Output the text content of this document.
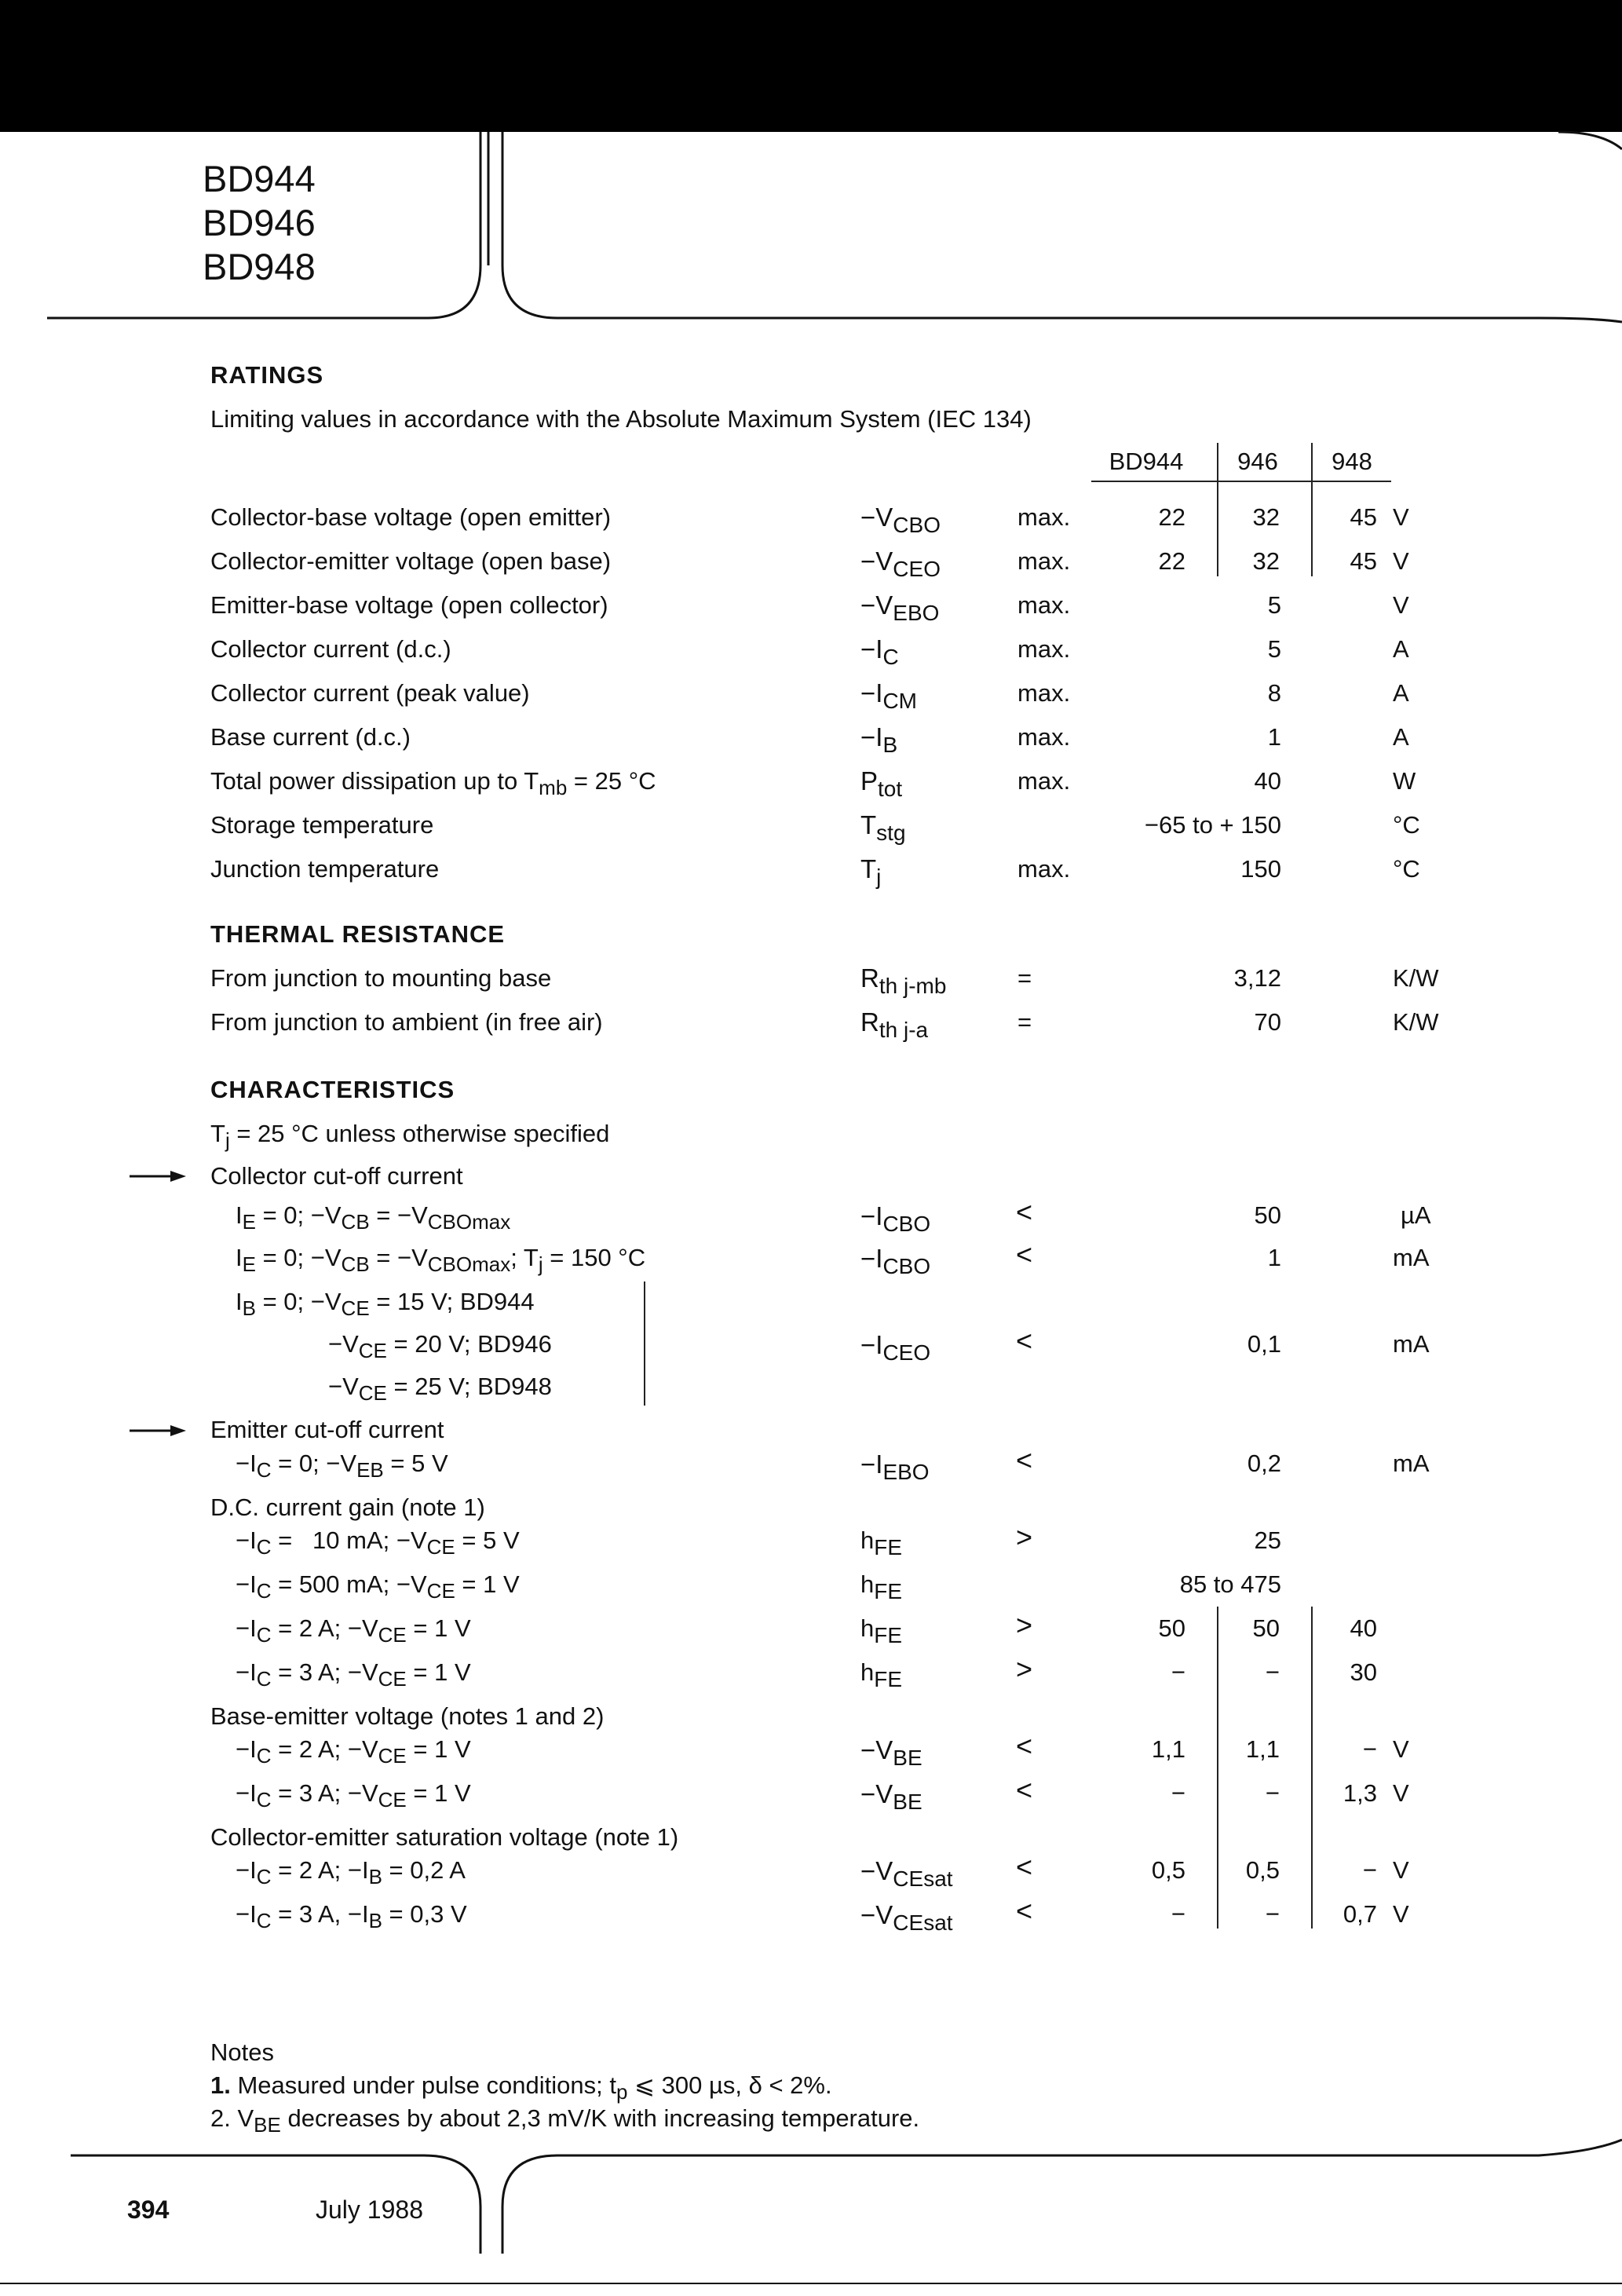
BD944
BD946
BD948
RATINGS
Limiting values in accordance with the Absolute Maximum System (IEC 134)
BD944	946	948
Collector-base voltage (open emitter)	$-V_{CBO}$	max.	22	32	45 V
Collector-emitter voltage (open base)	$-V_{CEO}$	max.	22	32	45 V
Emitter-base voltage (open collector)	$-V_{EBO}$	max.	5	V
Collector current (d.c.)	$-I_C$	max.	5	A
Collector current (peak value)	$-I_{CM}$	max.	8	A
Base current (d.c.)	$-I_B$	max.	1	A
Total power dissipation up to $T_{mb} = 25$ °C	$P_{tot}$	max.	40	W
Storage temperature	$T_{stg}$	−65 to + 150	°C
Junction temperature	$T_j$	max.	150	°C
THERMAL RESISTANCE
From junction to mounting base	$R_{th j-mb}$	=	3,12	K/W
From junction to ambient (in free air)	$R_{th j-a}$	=	70	K/W
CHARACTERISTICS
$T_j = 25$ °C unless otherwise specified
Collector cut-off current
$I_E = 0$; $-V_{CB} = -V_{CBOmax}$	$-I_{CBO}$	<	50	µA
$I_E = 0$; $-V_{CB} = -V_{CBOmax}$; $T_j = 150$ °C	$-I_{CBO}$	<	1	mA
$I_B = 0$; $-V_{CE} = 15$ V; BD944
$-V_{CE} = 20$ V; BD946
$-V_{CE} = 25$ V; BD948
$-I_{CEO}$	<	0,1	mA
Emitter cut-off current
$-I_C = 0$; $-V_{EB} = 5$ V	$-I_{EBO}$	<	0,2	mA
D.C. current gain (note 1)
$-I_C = 10$ mA; $-V_{CE} = 5$ V	$h_{FE}$	>	25
$-I_C = 500$ mA; $-V_{CE} = 1$ V	$h_{FE}$	85 to 475
$-I_C = 2$ A; $-V_{CE} = 1$ V	$h_{FE}$	>	50	50	40
$-I_C = 3$ A; $-V_{CE} = 1$ V	$h_{FE}$	>	−	−	30
Base-emitter voltage (notes 1 and 2)
$-I_C = 2$ A; $-V_{CE} = 1$ V	$-V_{BE}$	<	1,1	1,1	− V
$-I_C = 3$ A; $-V_{CE} = 1$ V	$-V_{BE}$	<	−	−	1,3 V
Collector-emitter saturation voltage (note 1)
$-I_C = 2$ A; $-I_B = 0,2$ A	$-V_{CEsat}$ <	0,5	0,5	− V
$-I_C = 3$ A, $-I_B = 0,3$ V	$-V_{CEsat}$ <	−	−	0,7 V
Notes
1. Measured under pulse conditions; $t_p$ ⩽ 300 µs, δ < 2%.
2. $V_{BE}$ decreases by about 2,3 mV/K with increasing temperature.
394	July 1988
